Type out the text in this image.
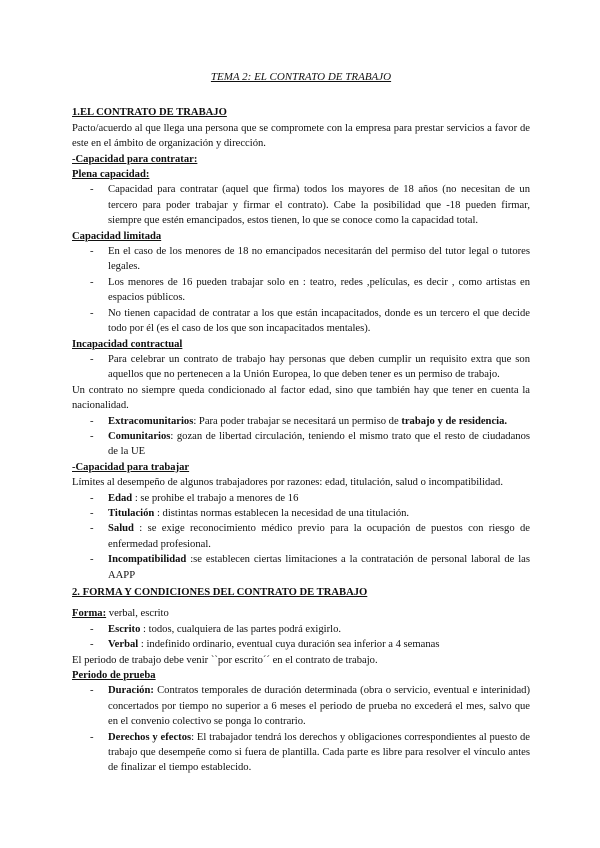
TEMA 2: EL CONTRATO DE TRABAJO

1.EL CONTRATO DE TRABAJO

Pacto/acuerdo al que llega una persona que se compromete con la empresa para prestar servicios a favor de este en el ámbito de organización y dirección.

-Capacidad para contratar:

Plena capacidad:

- Capacidad para contratar (aquel que firma) todos los mayores de 18 años (no necesitan de un tercero para poder trabajar y firmar el contrato). Cabe la posibilidad que -18 pueden firmar, siempre que estén emancipados, estos tienen, lo que se conoce como la capacidad total.

Capacidad limitada

- En el caso de los menores de 18 no emancipados necesitarán del permiso del tutor legal o tutores legales.
- Los menores de 16 pueden trabajar solo en : teatro, redes ,películas, es decir , como artistas en espacios públicos.
- No tienen capacidad de contratar a los que están incapacitados, donde es un tercero el que decide todo por él (es el caso de los que son incapacitados mentales).

Incapacidad contractual

- Para celebrar un contrato de trabajo hay personas que deben cumplir un requisito extra que son aquellos que no pertenecen a la Unión Europea, lo que deben tener es un permiso de trabajo.

Un contrato no siempre queda condicionado al factor edad, sino que también hay que tener en cuenta la nacionalidad.

- Extracomunitarios: Para poder trabajar se necesitará un permiso de trabajo y de residencia.
- Comunitarios: gozan de libertad circulación, teniendo el mismo trato que el resto de ciudadanos de la UE

-Capacidad para trabajar

Límites al desempeño de algunos trabajadores por razones: edad, titulación, salud o incompatibilidad.

- Edad : se prohibe el trabajo a menores de 16
- Titulación : distintas normas establecen la necesidad de una titulación.
- Salud : se exige reconocimiento médico previo para la ocupación de puestos con riesgo de enfermedad profesional.
- Incompatibilidad :se establecen ciertas limitaciones a la contratación de personal laboral de las AAPP

2. FORMA Y CONDICIONES DEL CONTRATO DE TRABAJO

Forma: verbal, escrito

- Escrito : todos, cualquiera de las partes podrá exigirlo.
- Verbal : indefinido ordinario, eventual cuya duración sea inferior a 4 semanas

El periodo de trabajo debe venir ``por escrito´´ en el contrato de trabajo.

Periodo de prueba

- Duración: Contratos temporales de duración determinada (obra o servicio, eventual e interinidad) concertados por tiempo no superior a 6 meses el periodo de prueba no excederá el mes, salvo que en el convenio colectivo se ponga lo contrario.
- Derechos y efectos: El trabajador tendrá los derechos y obligaciones correspondientes al puesto de trabajo que desempeñe como si fuera de plantilla. Cada parte es libre para resolver el vínculo antes de finalizar el tiempo establecido.
